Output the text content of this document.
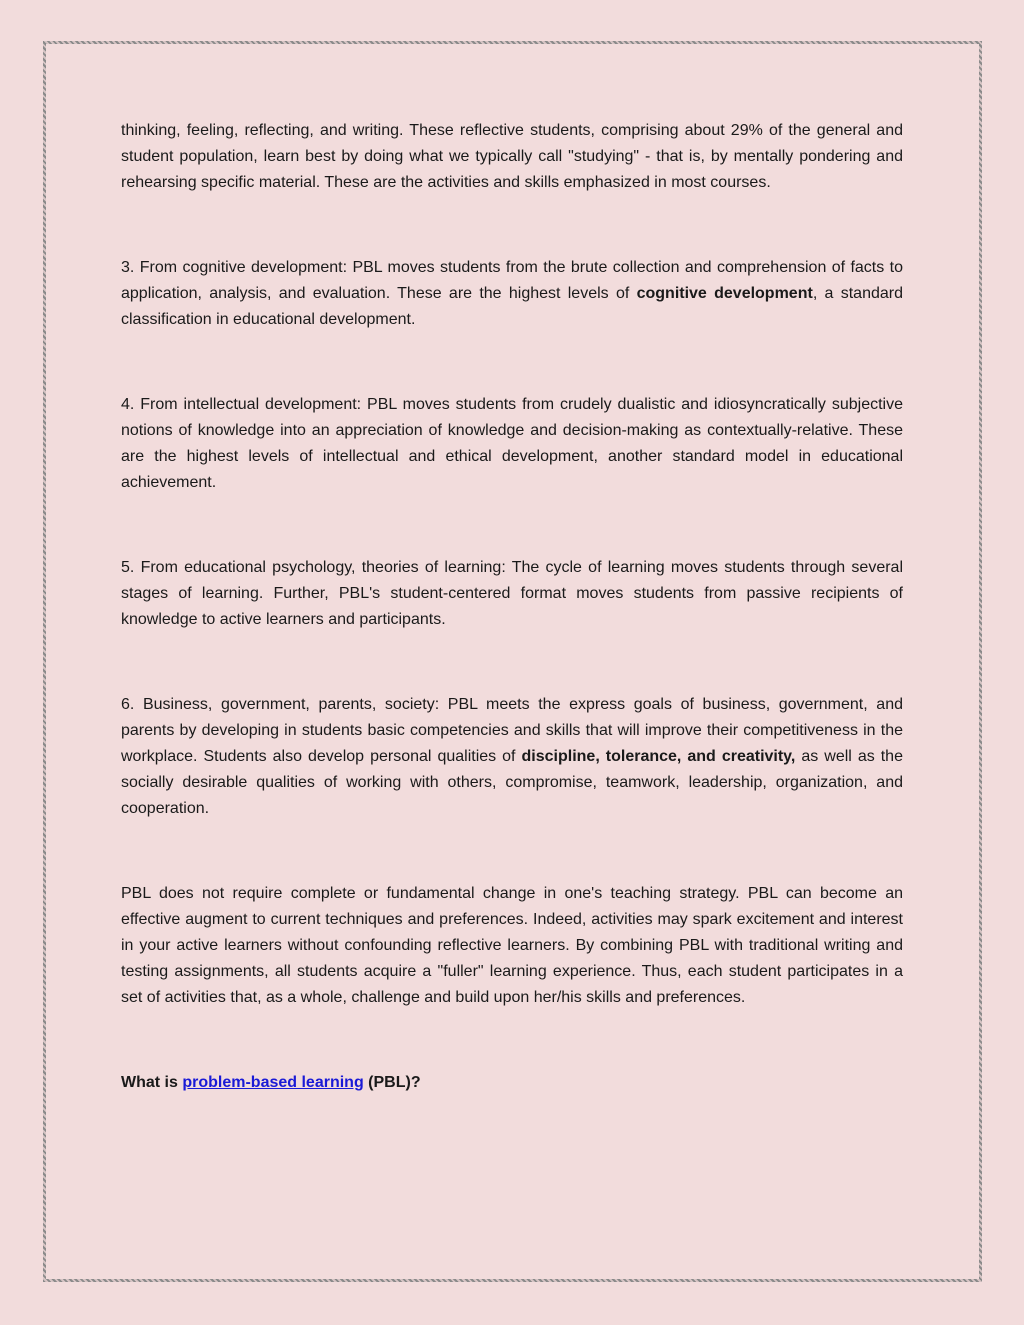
thinking, feeling, reflecting, and writing. These reflective students, comprising about 29% of the general and student population, learn best by doing what we typically call "studying" - that is, by mentally pondering and rehearsing specific material. These are the activities and skills emphasized in most courses.

3. From cognitive development: PBL moves students from the brute collection and comprehension of facts to application, analysis, and evaluation. These are the highest levels of cognitive development, a standard classification in educational development.

4. From intellectual development: PBL moves students from crudely dualistic and idiosyncratically subjective notions of knowledge into an appreciation of knowledge and decision-making as contextually-relative. These are the highest levels of intellectual and ethical development, another standard model in educational achievement.

5. From educational psychology, theories of learning: The cycle of learning moves students through several stages of learning. Further, PBL's student-centered format moves students from passive recipients of knowledge to active learners and participants.

6. Business, government, parents, society: PBL meets the express goals of business, government, and parents by developing in students basic competencies and skills that will improve their competitiveness in the workplace. Students also develop personal qualities of discipline, tolerance, and creativity, as well as the socially desirable qualities of working with others, compromise, teamwork, leadership, organization, and cooperation.

PBL does not require complete or fundamental change in one's teaching strategy. PBL can become an effective augment to current techniques and preferences. Indeed, activities may spark excitement and interest in your active learners without confounding reflective learners. By combining PBL with traditional writing and testing assignments, all students acquire a "fuller" learning experience. Thus, each student participates in a set of activities that, as a whole, challenge and build upon her/his skills and preferences.

What is problem-based learning (PBL)?
